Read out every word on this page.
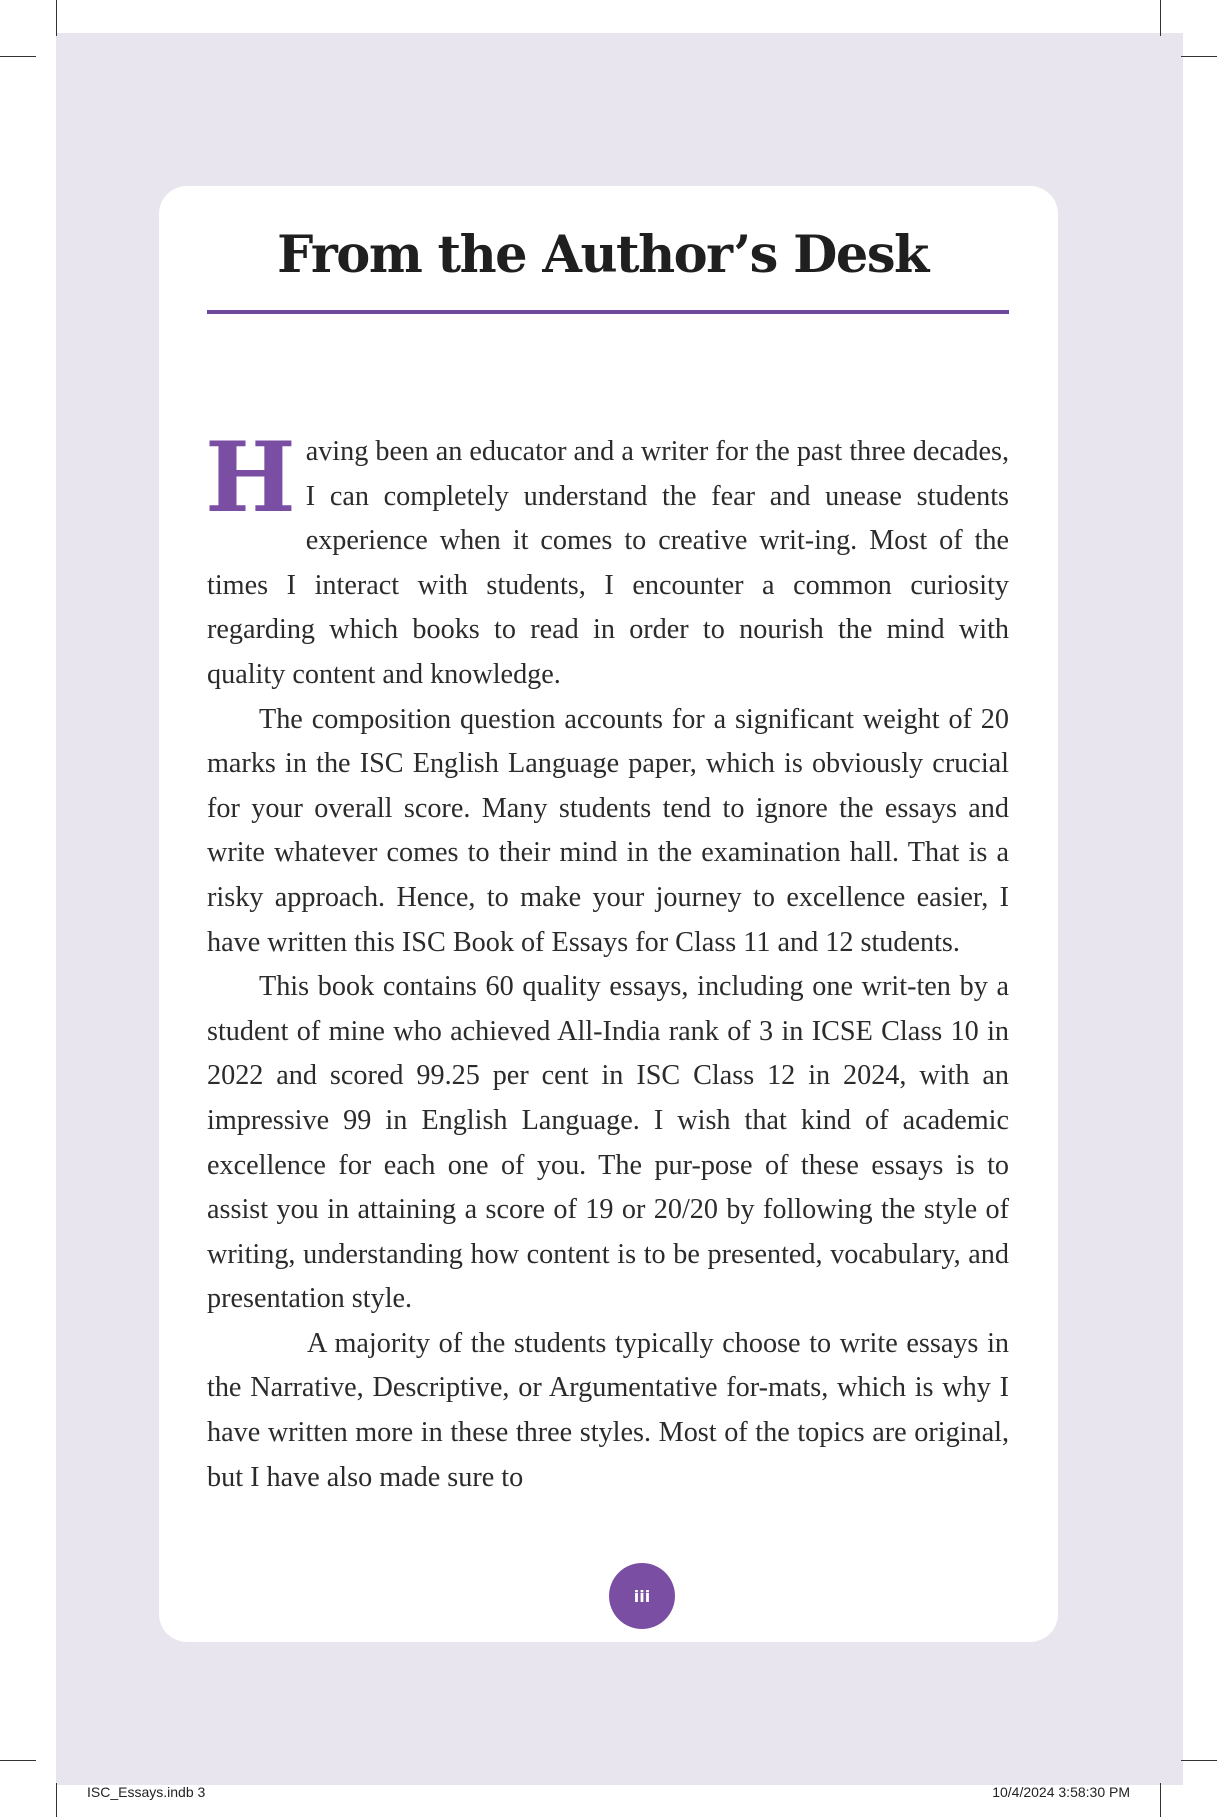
From the Author’s Desk

Having been an educator and a writer for the past three decades, I can completely understand the fear and unease students experience when it comes to creative writ-ing. Most of the times I interact with students, I encounter a common curiosity regarding which books to read in order to nourish the mind with quality content and knowledge.

The composition question accounts for a significant weight of 20 marks in the ISC English Language paper, which is obviously crucial for your overall score. Many students tend to ignore the essays and write whatever comes to their mind in the examination hall. That is a risky approach. Hence, to make your journey to excellence easier, I have written this ISC Book of Essays for Class 11 and 12 students.

This book contains 60 quality essays, including one writ-ten by a student of mine who achieved All-India rank of 3 in ICSE Class 10 in 2022 and scored 99.25 per cent in ISC Class 12 in 2024, with an impressive 99 in English Language. I wish that kind of academic excellence for each one of you. The pur-pose of these essays is to assist you in attaining a score of 19 or 20/20 by following the style of writing, understanding how content is to be presented, vocabulary, and presentation style.

A majority of the students typically choose to write essays in the Narrative, Descriptive, or Argumentative for-mats, which is why I have written more in these three styles. Most of the topics are original, but I have also made sure to

iii
ISC_Essays.indb 3	10/4/2024 3:58:30 PM
